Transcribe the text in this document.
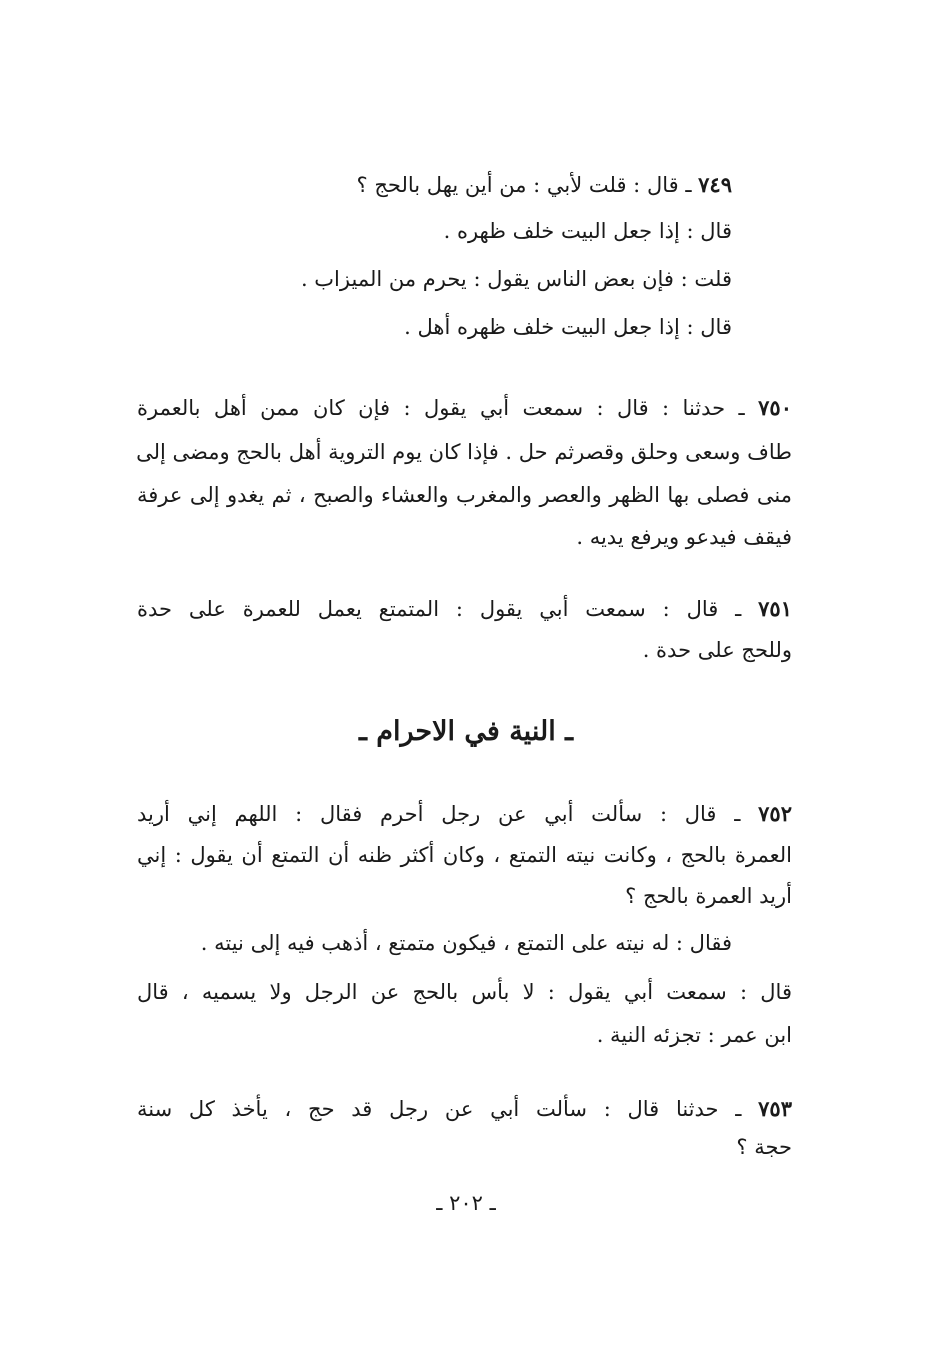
٧٤٩ ـ قال : قلت لأبي : من أين يهل بالحج ؟
قال : إذا جعل البيت خلف ظهره .
قلت : فإن بعض الناس يقول : يحرم من الميزاب .
قال : إذا جعل البيت خلف ظهره أهل .
٧٥٠ ـ حدثنا : قال : سمعت أبي يقول : فإن كان ممن أهل بالعمرة
طاف وسعى وحلق وقصرثم حل . فإذا كان يوم التروية أهل بالحج ومضى إلى
منى فصلى بها الظهر والعصر والمغرب والعشاء والصبح ، ثم يغدو إلى عرفة
فيقف فيدعو ويرفع يديه .
٧٥١ ـ قال : سمعت أبي يقول : المتمتع يعمل للعمرة على حدة
وللحج على حدة .
ـ النية في الاحرام ـ
٧٥٢ ـ قال : سألت أبي عن رجل أحرم فقال : اللهم إني أريد
العمرة بالحج ، وكانت نيته التمتع ، وكان أكثر ظنه أن التمتع أن يقول : إني
أريد العمرة بالحج ؟
فقال : له نيته على التمتع ، فيكون متمتع ، أذهب فيه إلى نيته .
قال : سمعت أبي يقول : لا بأس بالحج عن الرجل ولا يسميه ، قال
ابن عمر : تجزئه النية .
٧٥٣ ـ حدثنا قال : سألت أبي عن رجل قد حج ، يأخذ كل سنة
حجة ؟
ـ ٢٠٢ ـ
